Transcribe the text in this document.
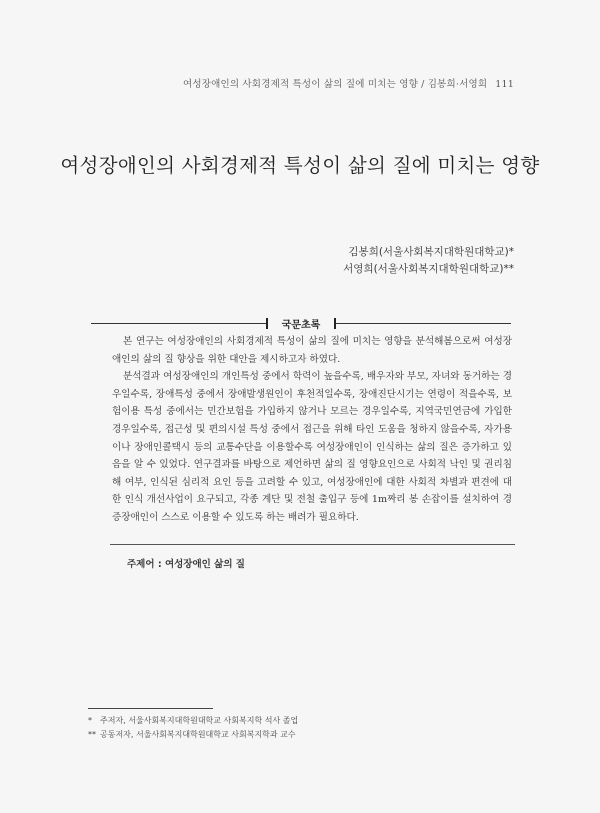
여성장애인의 사회경제적 특성이 삶의 질에 미치는 영향 / 김봉희·서영희 111
여성장애인의 사회경제적 특성이 삶의 질에 미치는 영향
김봉희(서울사회복지대학원대학교)*
서영희(서울사회복지대학원대학교)**
국문초록

본 연구는 여성장애인의 사회경제적 특성이 삶의 질에 미치는 영향을 분석해봄으로써 여성장애인의 삶의 질 향상을 위한 대안을 제시하고자 하였다.

분석결과 여성장애인의 개인특성 중에서 학력이 높을수록, 배우자와 부모, 자녀와 동거하는 경우일수록, 장애특성 중에서 장애발생원인이 후천적일수록, 장애진단시기는 연령이 적을수록, 보험이용 특성 중에서는 민간보험을 가입하지 않거나 모르는 경우일수록, 지역국민연금에 가입한 경우일수록, 접근성 및 편의시설 특성 중에서 접근을 위해 타인 도움을 청하지 않을수록, 자가용이나 장애인콜택시 등의 교통수단을 이용할수록 여성장애인이 인식하는 삶의 질은 증가하고 있음을 알 수 있었다. 연구결과를 바탕으로 제언하면 삶의 질 영향요인으로 사회적 낙인 및 권리침해 여부, 인식된 심리적 요인 등을 고려할 수 있고, 여성장애인에 대한 사회적 차별과 편견에 대한 인식 개선사업이 요구되고, 각종 계단 및 전철 출입구 등에 1m짜리 봉 손잡이를 설치하여 경증장애인이 스스로 이용할 수 있도록 하는 배려가 필요하다.

주제어 : 여성장애인 삶의 질
* 주저자, 서울사회복지대학원대학교 사회복지학 석사 졸업
** 공동저자, 서울사회복지대학원대학교 사회복지학과 교수
